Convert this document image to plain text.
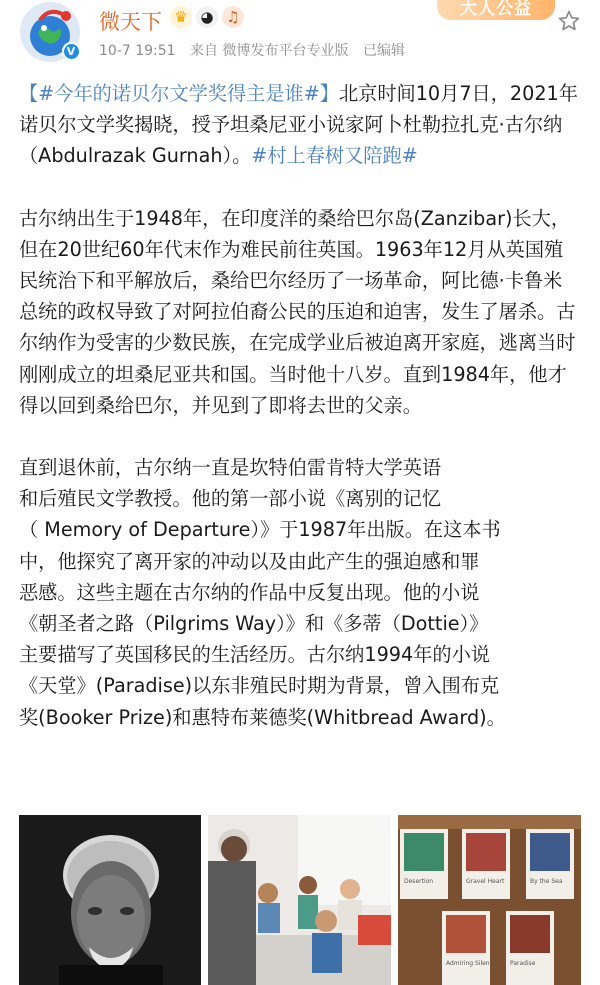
V
微天下 ♛ ◕ ♫
10-7 19:51 来自 微博发布平台专业版 已编辑
大人公益

【#今年的诺贝尔文学奖得主是谁#】北京时间10月7日，2021年诺贝尔文学奖揭晓，授予坦桑尼亚小说家阿卜杜勒拉扎克·古尔纳（Abdulrazak Gurnah）。#村上春树又陪跑#

古尔纳出生于1948年，在印度洋的桑给巴尔岛(Zanzibar)长大，但在20世纪60年代末作为难民前往英国。1963年12月从英国殖民统治下和平解放后，桑给巴尔经历了一场革命，阿比德·卡鲁米总统的政权导致了对阿拉伯裔公民的压迫和迫害，发生了屠杀。古尔纳作为受害的少数民族，在完成学业后被迫离开家庭，逃离当时刚刚成立的坦桑尼亚共和国。当时他十八岁。直到1984年，他才得以回到桑给巴尔，并见到了即将去世的父亲。

直到退休前，古尔纳一直是坎特伯雷肯特大学英语
和后殖民文学教授。他的第一部小说《离别的记忆
（ Memory of Departure）》于1987年出版。在这本书
中，他探究了离开家的冲动以及由此产生的强迫感和罪
恶感。这些主题在古尔纳的作品中反复出现。他的小说
《朝圣者之路（Pilgrims Way）》和《多蒂（Dottie）》
主要描写了英国移民的生活经历。古尔纳1994年的小说
《天堂》(Paradise)以东非殖民时期为背景，曾入围布克
奖(Booker Prize)和惠特布莱德奖(Whitbread Award)。

Desertion	Gravel Heart	By the Sea
Admiring Silence Paradise
